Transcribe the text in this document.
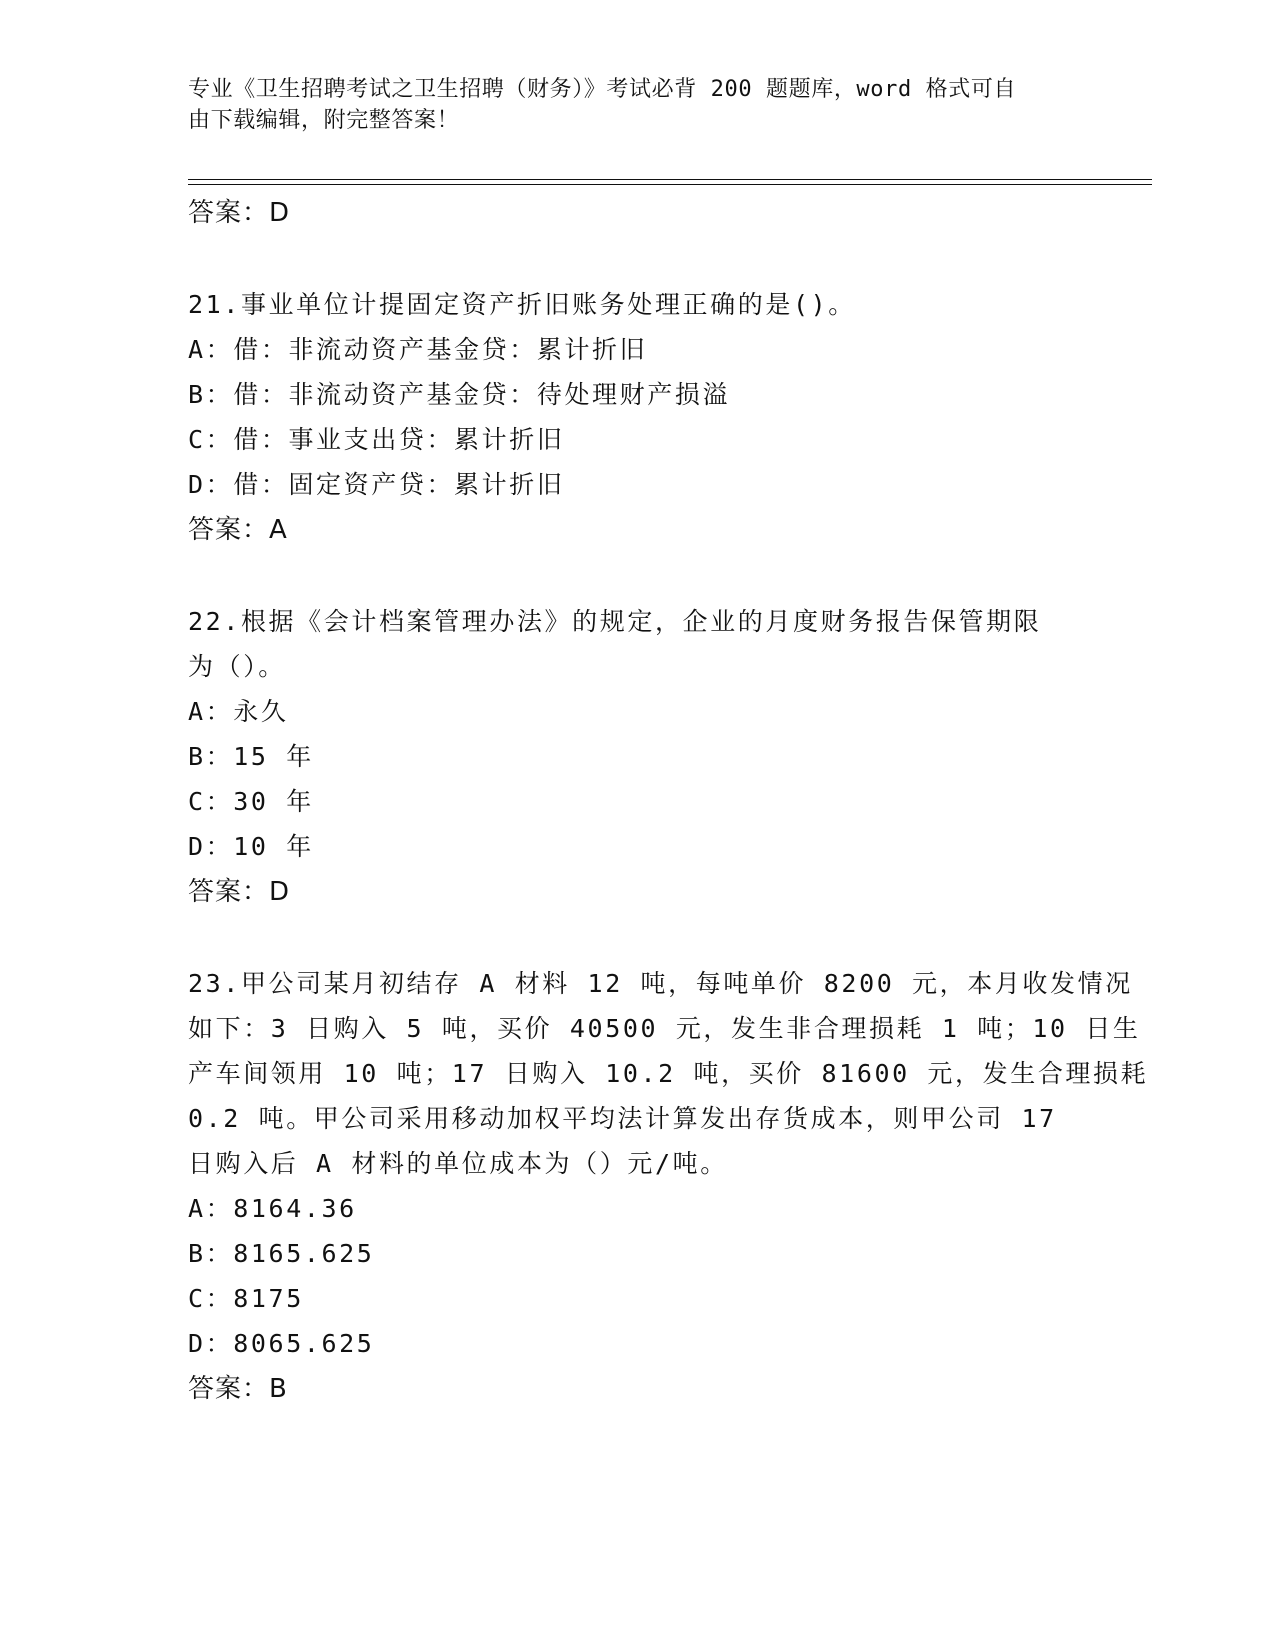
专业《卫生招聘考试之卫生招聘（财务）》考试必背 200 题题库，word 格式可自
由下载编辑，附完整答案！
答案：D
21.事业单位计提固定资产折旧账务处理正确的是()。
A：借：非流动资产基金贷：累计折旧
B：借：非流动资产基金贷：待处理财产损溢
C：借：事业支出贷：累计折旧
D：借：固定资产贷：累计折旧
答案：A
22.根据《会计档案管理办法》的规定，企业的月度财务报告保管期限
为（）。
A：永久
B：15 年
C：30 年
D：10 年
答案：D
23.甲公司某月初结存 A 材料 12 吨，每吨单价 8200 元，本月收发情况
如下：3 日购入 5 吨，买价 40500 元，发生非合理损耗 1 吨；10 日生
产车间领用 10 吨；17 日购入 10.2 吨，买价 81600 元，发生合理损耗
0.2 吨。甲公司采用移动加权平均法计算发出存货成本，则甲公司 17
日购入后 A 材料的单位成本为（）元/吨。
A：8164.36
B：8165.625
C：8175
D：8065.625
答案：B
